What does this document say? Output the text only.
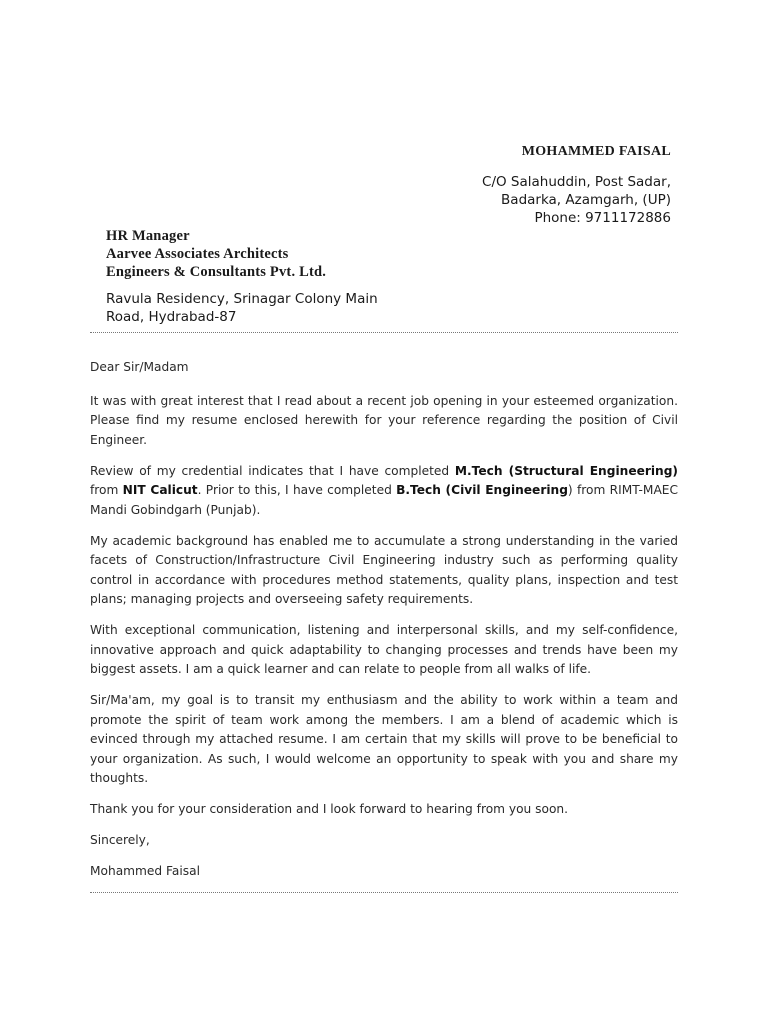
MOHAMMED FAISAL
C/O Salahuddin, Post Sadar,
Badarka, Azamgarh, (UP)
Phone: 9711172886
HR Manager
Aarvee Associates Architects
Engineers & Consultants Pvt. Ltd.
Ravula Residency, Srinagar Colony Main
Road, Hydrabad-87

Dear Sir/Madam

It was with great interest that I read about a recent job opening in your esteemed organization. Please find my resume enclosed herewith for your reference regarding the position of Civil Engineer.

Review of my credential indicates that I have completed M.Tech (Structural Engineering) from NIT Calicut. Prior to this, I have completed B.Tech (Civil Engineering) from RIMT-MAEC Mandi Gobindgarh (Punjab).

My academic background has enabled me to accumulate a strong understanding in the varied facets of Construction/Infrastructure Civil Engineering industry such as performing quality control in accordance with procedures method statements, quality plans, inspection and test plans; managing projects and overseeing safety requirements.

With exceptional communication, listening and interpersonal skills, and my self-confidence, innovative approach and quick adaptability to changing processes and trends have been my biggest assets. I am a quick learner and can relate to people from all walks of life.

Sir/Ma'am, my goal is to transit my enthusiasm and the ability to work within a team and promote the spirit of team work among the members. I am a blend of academic which is evinced through my attached resume. I am certain that my skills will prove to be beneficial to your organization. As such, I would welcome an opportunity to speak with you and share my thoughts.

Thank you for your consideration and I look forward to hearing from you soon.

Sincerely,

Mohammed Faisal
